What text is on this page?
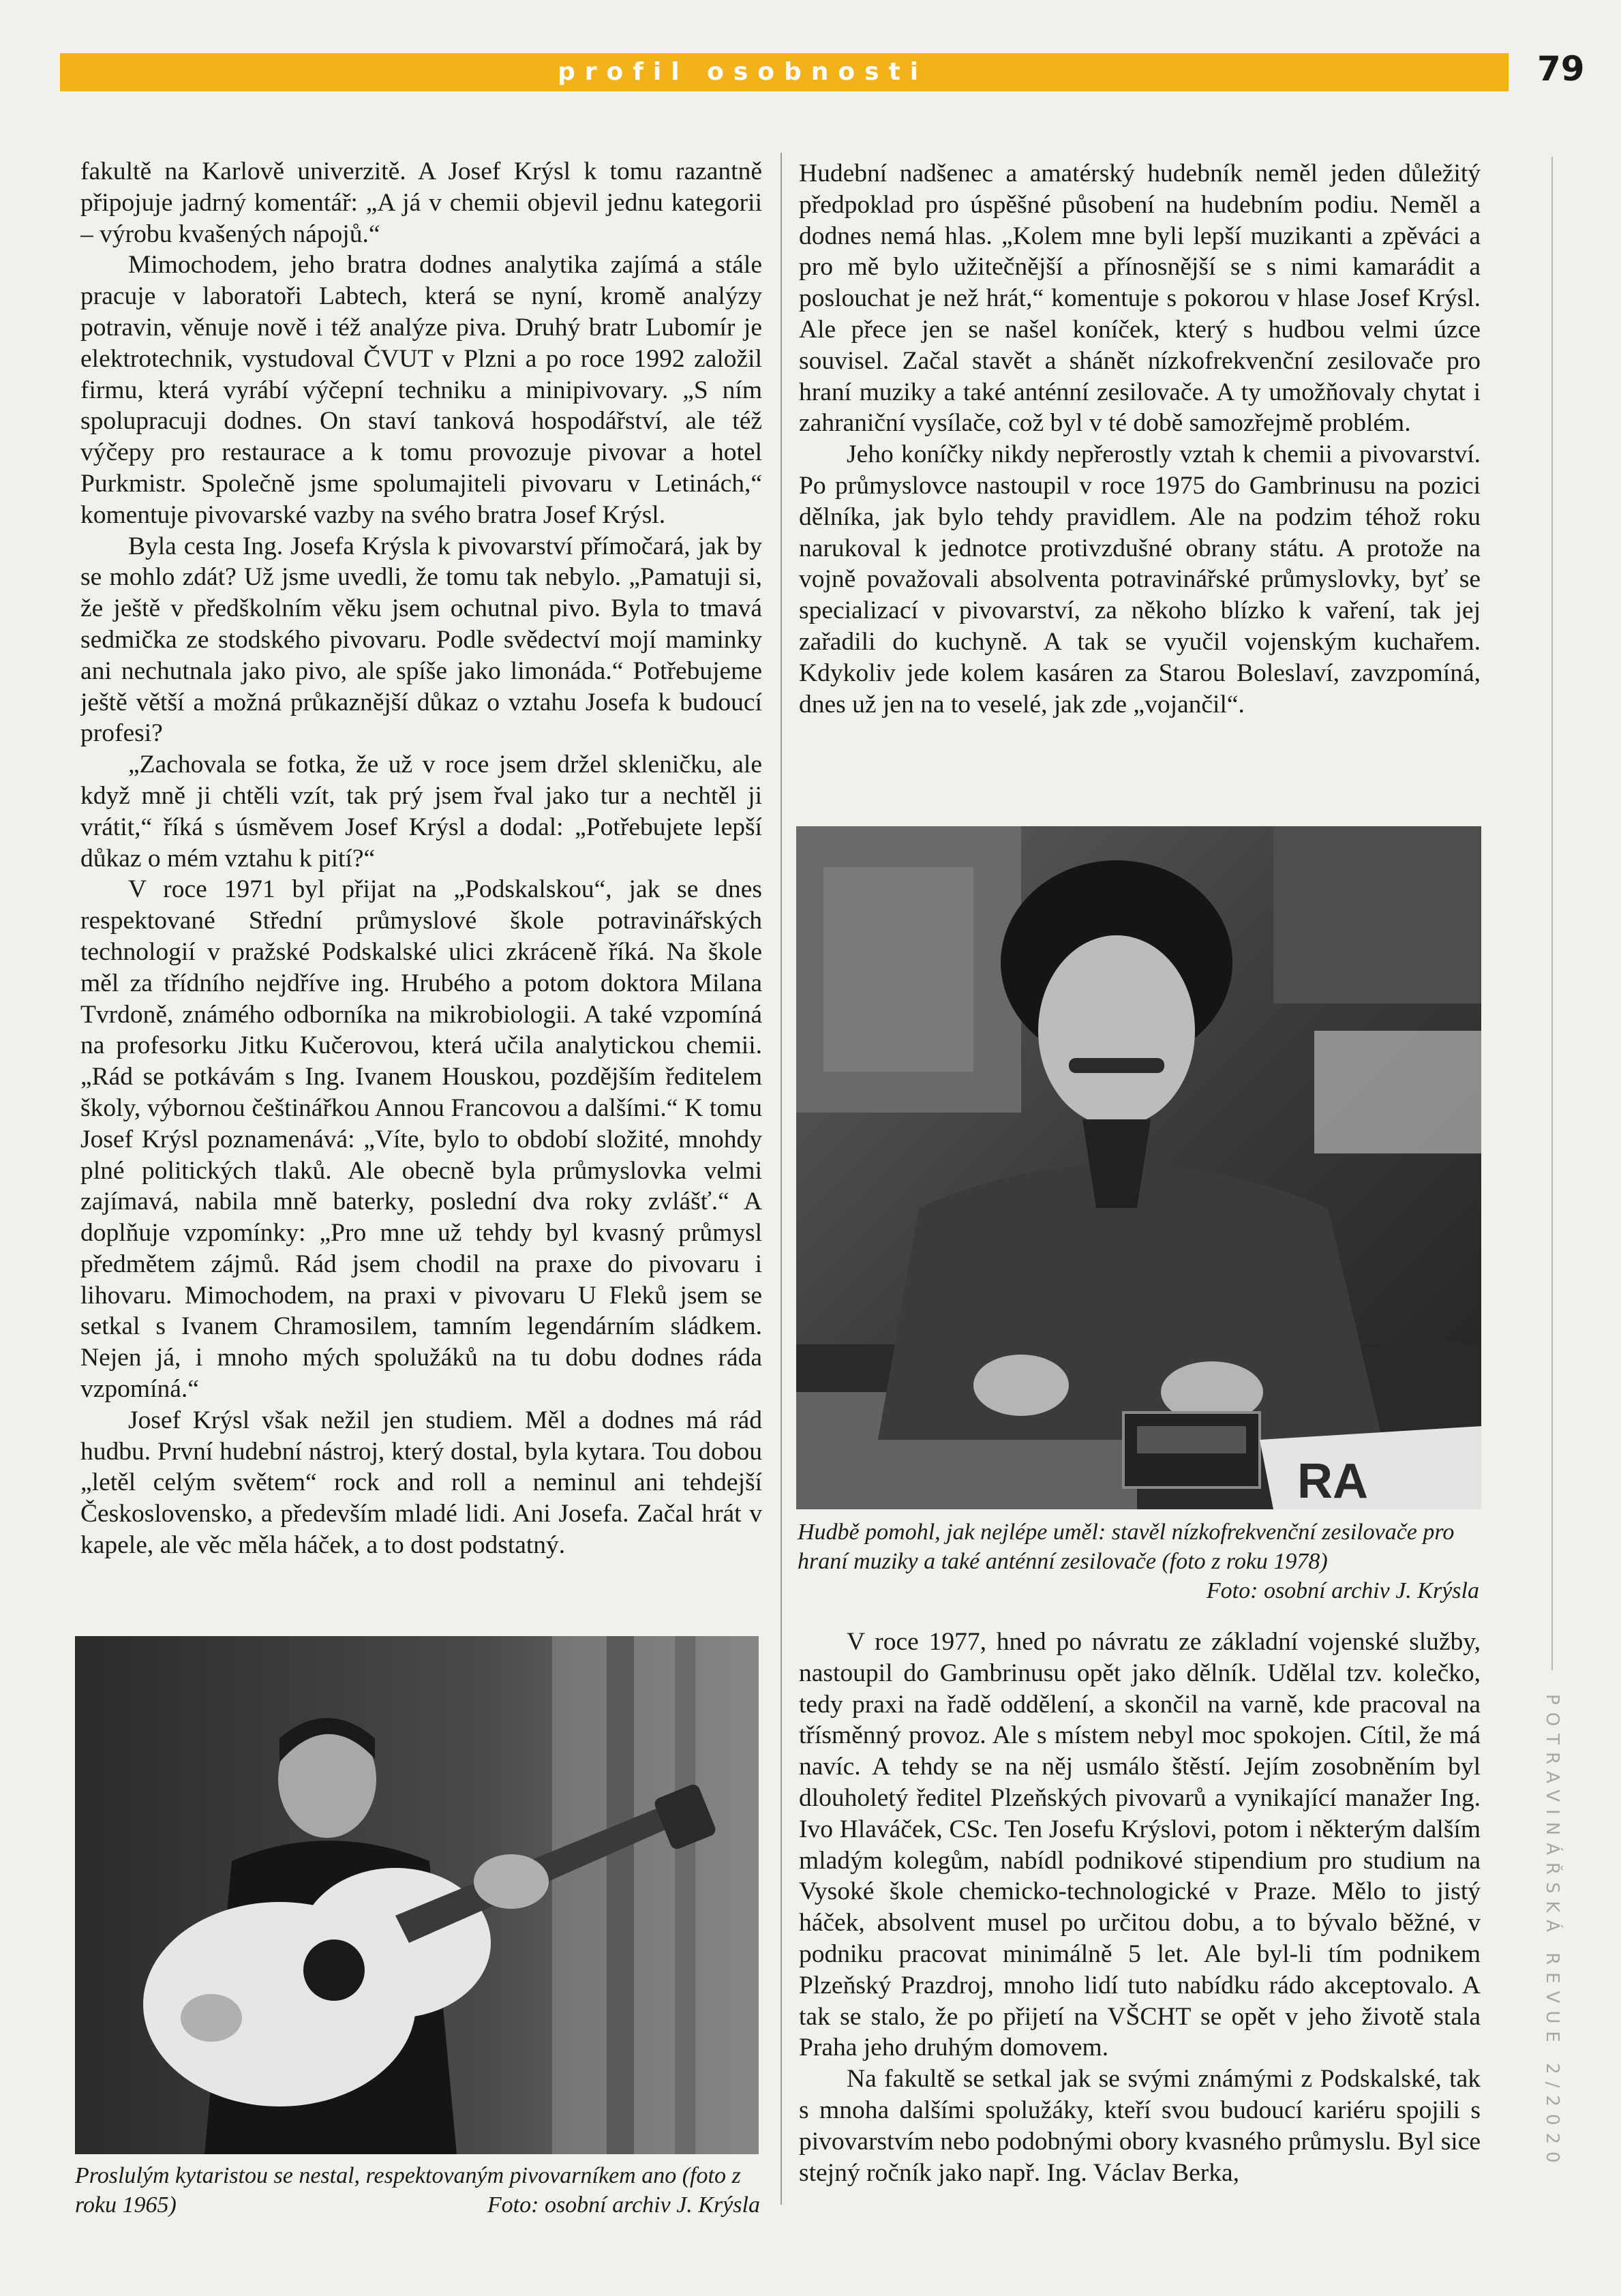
profil osobnosti	79
POTRAVINÁŘSKÁ REVUE 2/2020

fakultě na Karlově univerzitě. A Josef Krýsl k tomu razantně připojuje jadrný komentář: „A já v chemii objevil jednu kategorii – výrobu kvašených nápojů.“

Mimochodem, jeho bratra dodnes analytika zajímá a stále pracuje v laboratoři Labtech, která se nyní, kromě analýzy potravin, věnuje nově i též analýze piva. Druhý bratr Lubomír je elektrotechnik, vystudoval ČVUT v Plzni a po roce 1992 založil firmu, která vyrábí výčepní techniku a minipivovary. „S ním spolupracuji dodnes. On staví tanková hospodářství, ale též výčepy pro restaurace a k tomu provozuje pivovar a hotel Purkmistr. Společně jsme spolumajiteli pivovaru v Letinách,“ komentuje pivovarské vazby na svého bratra Josef Krýsl.

Byla cesta Ing. Josefa Krýsla k pivovarství přímočará, jak by se mohlo zdát? Už jsme uvedli, že tomu tak nebylo. „Pamatuji si, že ještě v předškolním věku jsem ochutnal pivo. Byla to tmavá sedmička ze stodského pivovaru. Podle svědectví mojí maminky ani nechutnala jako pivo, ale spíše jako limonáda.“ Potřebujeme ještě větší a možná průkaznější důkaz o vztahu Josefa k budoucí profesi?

„Zachovala se fotka, že už v roce jsem držel skleničku, ale když mně ji chtěli vzít, tak prý jsem řval jako tur a nechtěl ji vrátit,“ říká s úsměvem Josef Krýsl a dodal: „Potřebujete lepší důkaz o mém vztahu k pití?“

V roce 1971 byl přijat na „Podskalskou“, jak se dnes respektované Střední průmyslové škole potravinářských technologií v pražské Podskalské ulici zkráceně říká. Na škole měl za třídního nejdříve ing. Hrubého a potom doktora Milana Tvrdoně, známého odborníka na mikrobiologii. A také vzpomíná na profesorku Jitku Kučerovou, která učila analytickou chemii. „Rád se potkávám s Ing. Ivanem Houskou, pozdějším ředitelem školy, výbornou češtinářkou Annou Francovou a dalšími.“ K tomu Josef Krýsl poznamenává: „Víte, bylo to období složité, mnohdy plné politických tlaků. Ale obecně byla průmyslovka velmi zajímavá, nabila mně baterky, poslední dva roky zvlášť.“ A doplňuje vzpomínky: „Pro mne už tehdy byl kvasný průmysl předmětem zájmů. Rád jsem chodil na praxe do pivovaru i lihovaru. Mimochodem, na praxi v pivovaru U Fleků jsem se setkal s Ivanem Chramosilem, tamním legendárním sládkem. Nejen já, i mnoho mých spolužáků na tu dobu dodnes ráda vzpomíná.“

Josef Krýsl však nežil jen studiem. Měl a dodnes má rád hudbu. První hudební nástroj, který dostal, byla kytara. Tou dobou „letěl celým světem“ rock and roll a neminul ani tehdejší Československo, a především mladé lidi. Ani Josefa. Začal hrát v kapele, ale věc měla háček, a to dost podstatný.

Hudební nadšenec a amatérský hudebník neměl jeden důležitý předpoklad pro úspěšné působení na hudebním podiu. Neměl a dodnes nemá hlas. „Kolem mne byli lepší muzikanti a zpěváci a pro mě bylo užitečnější a přínosnější se s nimi kamarádit a poslouchat je než hrát,“ komentuje s pokorou v hlase Josef Krýsl. Ale přece jen se našel koníček, který s hudbou velmi úzce souvisel. Začal stavět a shánět nízkofrekvenční zesilovače pro hraní muziky a také anténní zesilovače. A ty umožňovaly chytat i zahraniční vysílače, což byl v té době samozřejmě problém.

Jeho koníčky nikdy nepřerostly vztah k chemii a pivovarství. Po průmyslovce nastoupil v roce 1975 do Gambrinusu na pozici dělníka, jak bylo tehdy pravidlem. Ale na podzim téhož roku narukoval k jednotce protivzdušné obrany státu. A protože na vojně považovali absolventa potravinářské průmyslovky, byť se specializací v pivovarství, za někoho blízko k vaření, tak jej zařadili do kuchyně. A tak se vyučil vojenským kuchařem. Kdykoliv jede kolem kasáren za Starou Boleslaví, zavzpomíná, dnes už jen na to veselé, jak zde „vojančil“.

RA
Hudbě pomohl, jak nejlépe uměl: stavěl nízkofrekvenční zesilovače pro hraní muziky a také anténní zesilovače (foto z roku 1978)
Foto: osobní archiv J. Krýsla

V roce 1977, hned po návratu ze základní vojenské služby, nastoupil do Gambrinusu opět jako dělník. Udělal tzv. kolečko, tedy praxi na řadě oddělení, a skončil na varně, kde pracoval na třísměnný provoz. Ale s místem nebyl moc spokojen. Cítil, že má navíc. A tehdy se na něj usmálo štěstí. Jejím zosobněním byl dlouholetý ředitel Plzeňských pivovarů a vynikající manažer Ing. Ivo Hlaváček, CSc. Ten Josefu Krýslovi, potom i některým dalším mladým kolegům, nabídl podnikové stipendium pro studium na Vysoké škole chemicko-technologické v Praze. Mělo to jistý háček, absolvent musel po určitou dobu, a to bývalo běžné, v podniku pracovat minimálně 5 let. Ale byl-li tím podnikem Plzeňský Prazdroj, mnoho lidí tuto nabídku rádo akceptovalo. A tak se stalo, že po přijetí na VŠCHT se opět v jeho životě stala Praha jeho druhým domovem.

Na fakultě se setkal jak se svými známými z Podskalské, tak s mnoha dalšími spolužáky, kteří svou budoucí kariéru spojili s pivovarstvím nebo podobnými obory kvasného průmyslu. Byl sice stejný ročník jako např. Ing. Václav Berka,

Proslulým kytaristou se nestal, respektovaným pivovarníkem ano (foto z roku 1965)	Foto: osobní archiv J. Krýsla
